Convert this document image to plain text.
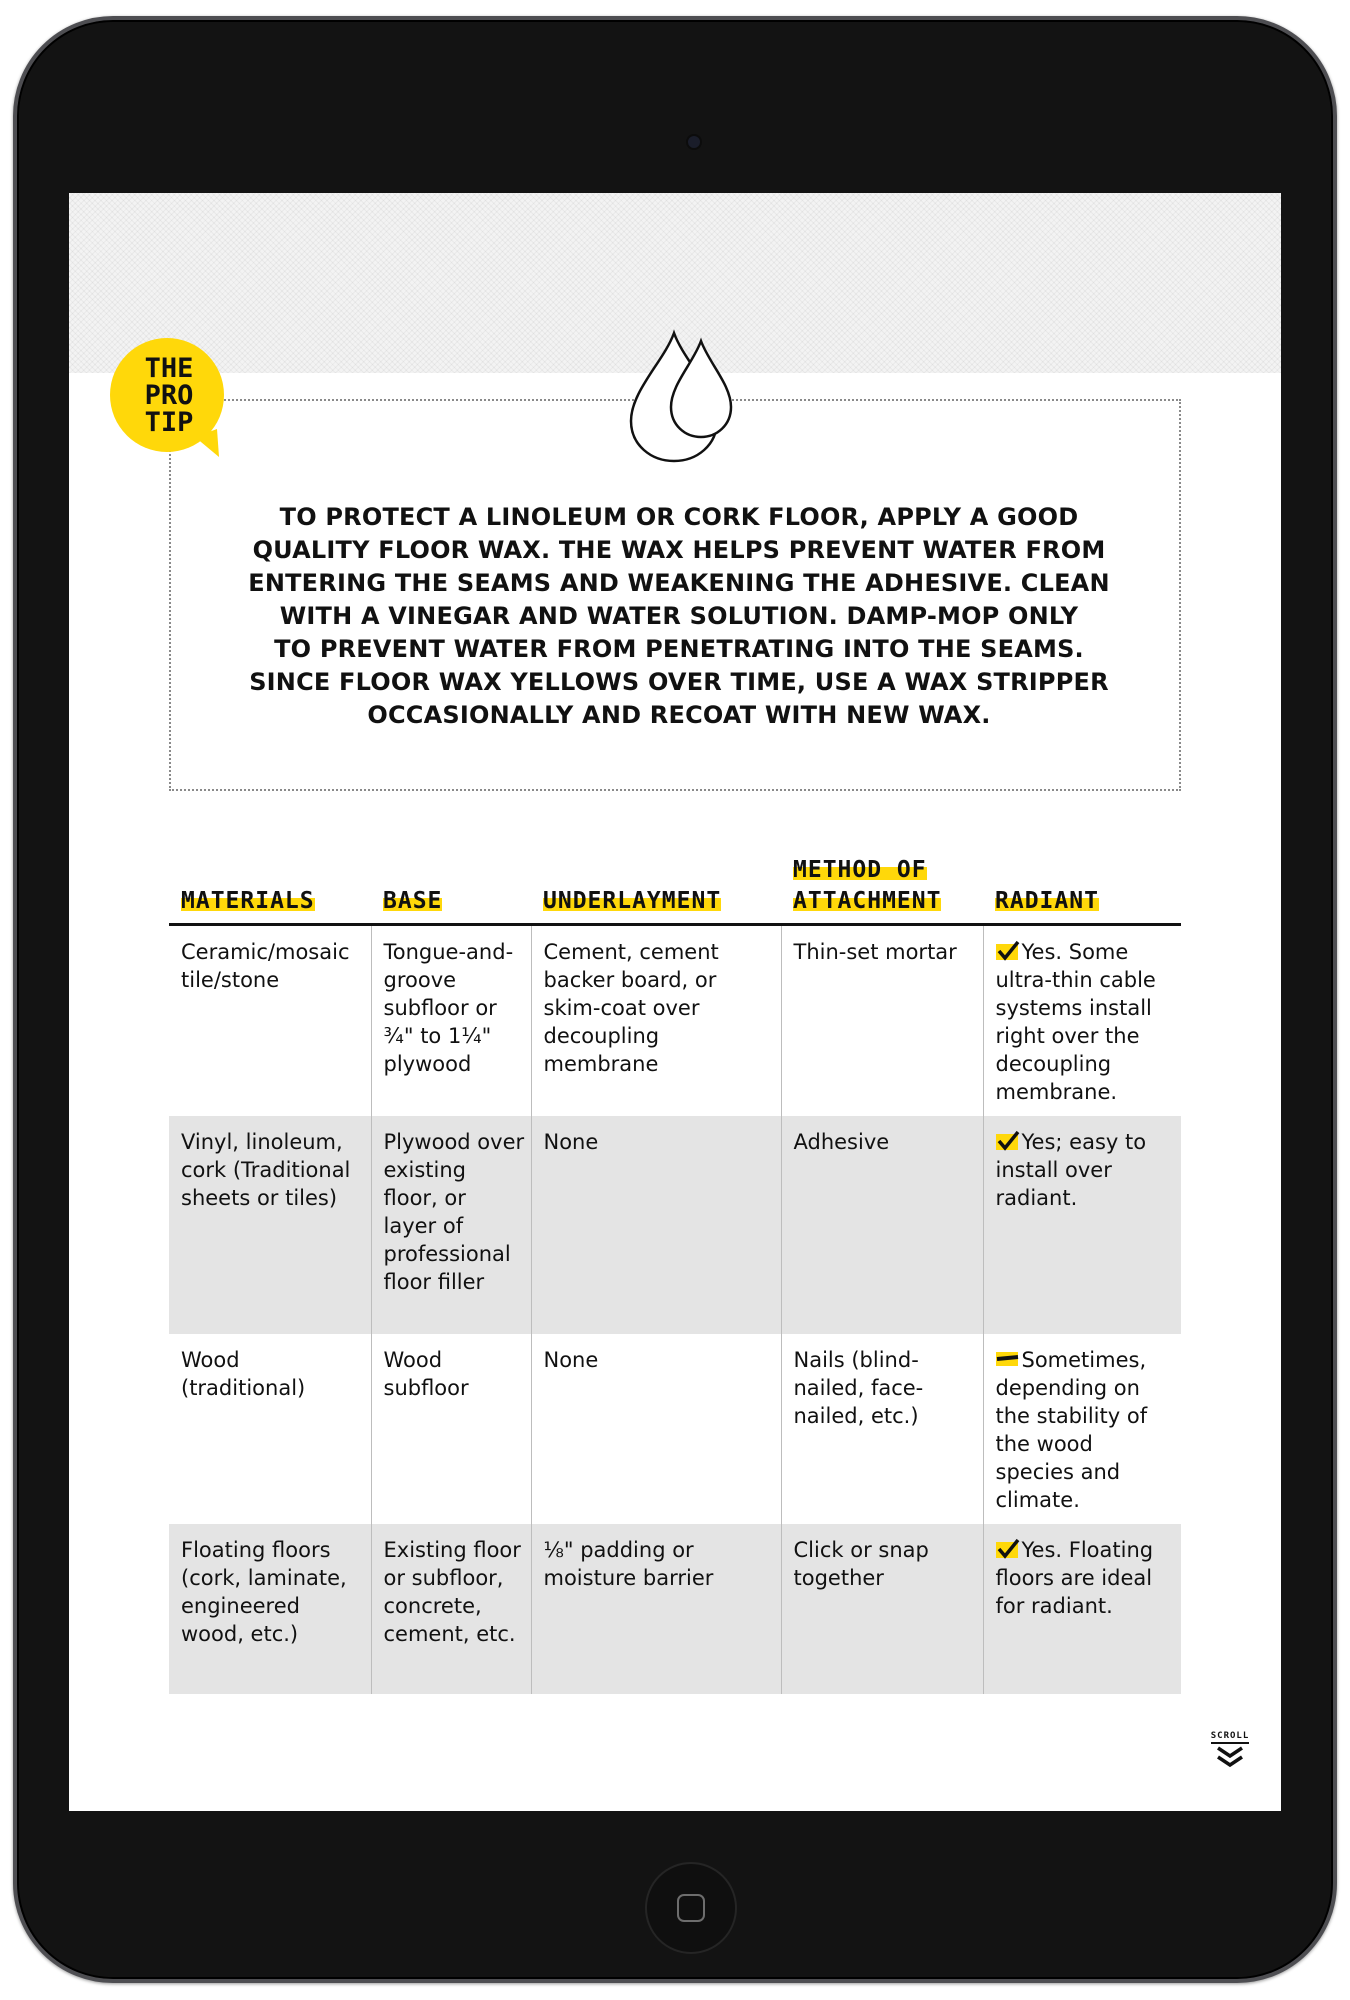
THE
PRO
TIP
TO PROTECT A LINOLEUM OR CORK FLOOR, APPLY A GOOD
QUALITY FLOOR WAX. THE WAX HELPS PREVENT WATER FROM
ENTERING THE SEAMS AND WEAKENING THE ADHESIVE. CLEAN
WITH A VINEGAR AND WATER SOLUTION. DAMP-MOP ONLY
TO PREVENT WATER FROM PENETRATING INTO THE SEAMS.
SINCE FLOOR WAX YELLOWS OVER TIME, USE A WAX STRIPPER
OCCASIONALLY AND RECOAT WITH NEW WAX.
MATERIALS	BASE	UNDERLAYMENT	METHOD OF ATTACHMENT	RADIANT
Ceramic/mosaic tile/stone	Tongue-and-groove subfloor or ¾" to 1¼" plywood	Cement, cement backer board, or skim-coat over decoupling membrane	Thin-set mortar	Yes. Some ultra-thin cable systems install right over the decoupling membrane.
Vinyl, linoleum, cork (Traditional sheets or tiles)	Plywood over existing floor, or layer of professional floor filler	None	Adhesive	Yes; easy to install over radiant.
Wood (traditional)	Wood subfloor	None	Nails (blind-nailed, face-nailed, etc.)	Sometimes, depending on the stability of the wood species and climate.
Floating floors (cork, laminate, engineered wood, etc.)	Existing floor or subfloor, concrete, cement, etc.	⅛" padding or moisture barrier	Click or snap together	Yes. Floating floors are ideal for radiant.
SCROLL
